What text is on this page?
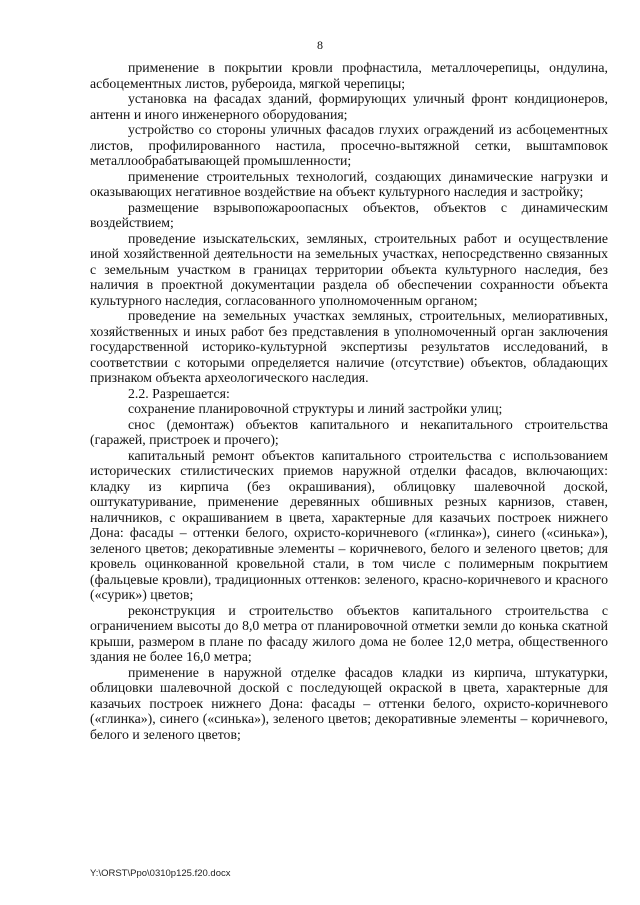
8

применение в покрытии кровли профнастила, металлочерепицы, ондулина, асбоцементных листов, рубероида, мягкой черепицы;

установка на фасадах зданий, формирующих уличный фронт кондиционеров, антенн и иного инженерного оборудования;

устройство со стороны уличных фасадов глухих ограждений из асбоцементных листов, профилированного настила, просечно-вытяжной сетки, выштамповок металлообрабатывающей промышленности;

применение строительных технологий, создающих динамические нагрузки и оказывающих негативное воздействие на объект культурного наследия и застройку;

размещение взрывопожароопасных объектов, объектов с динамическим воздействием;

проведение изыскательских, земляных, строительных работ и осуществление иной хозяйственной деятельности на земельных участках, непосредственно связанных с земельным участком в границах территории объекта культурного наследия, без наличия в проектной документации раздела об обеспечении сохранности объекта культурного наследия, согласованного уполномоченным органом;

проведение на земельных участках земляных, строительных, мелиоративных, хозяйственных и иных работ без представления в уполномоченный орган заключения государственной историко-культурной экспертизы результатов исследований, в соответствии с которыми определяется наличие (отсутствие) объектов, обладающих признаком объекта археологического наследия.

2.2. Разрешается:

сохранение планировочной структуры и линий застройки улиц;

снос (демонтаж) объектов капитального и некапитального строительства (гаражей, пристроек и прочего);

капитальный ремонт объектов капитального строительства с использованием исторических стилистических приемов наружной отделки фасадов, включающих: кладку из кирпича (без окрашивания), облицовку шалевочной доской, оштукатуривание, применение деревянных обшивных резных карнизов, ставен, наличников, с окрашиванием в цвета, характерные для казачьих построек нижнего Дона: фасады – оттенки белого, охристо-коричневого («глинка»), синего («синька»), зеленого цветов; декоративные элементы – коричневого, белого и зеленого цветов; для кровель оцинкованной кровельной стали, в том числе с полимерным покрытием (фальцевые кровли), традиционных оттенков: зеленого, красно-коричневого и красного («сурик») цветов;

реконструкция и строительство объектов капитального строительства с ограничением высоты до 8,0 метра от планировочной отметки земли до конька скатной крыши, размером в плане по фасаду жилого дома не более 12,0 метра, общественного здания не более 16,0 метра;

применение в наружной отделке фасадов кладки из кирпича, штукатурки, облицовки шалевочной доской с последующей окраской в цвета, характерные для казачьих построек нижнего Дона: фасады – оттенки белого, охристо-коричневого («глинка»), синего («синька»), зеленого цветов; декоративные элементы – коричневого, белого и зеленого цветов;

Y:\ORST\Ppo\0310p125.f20.docx
